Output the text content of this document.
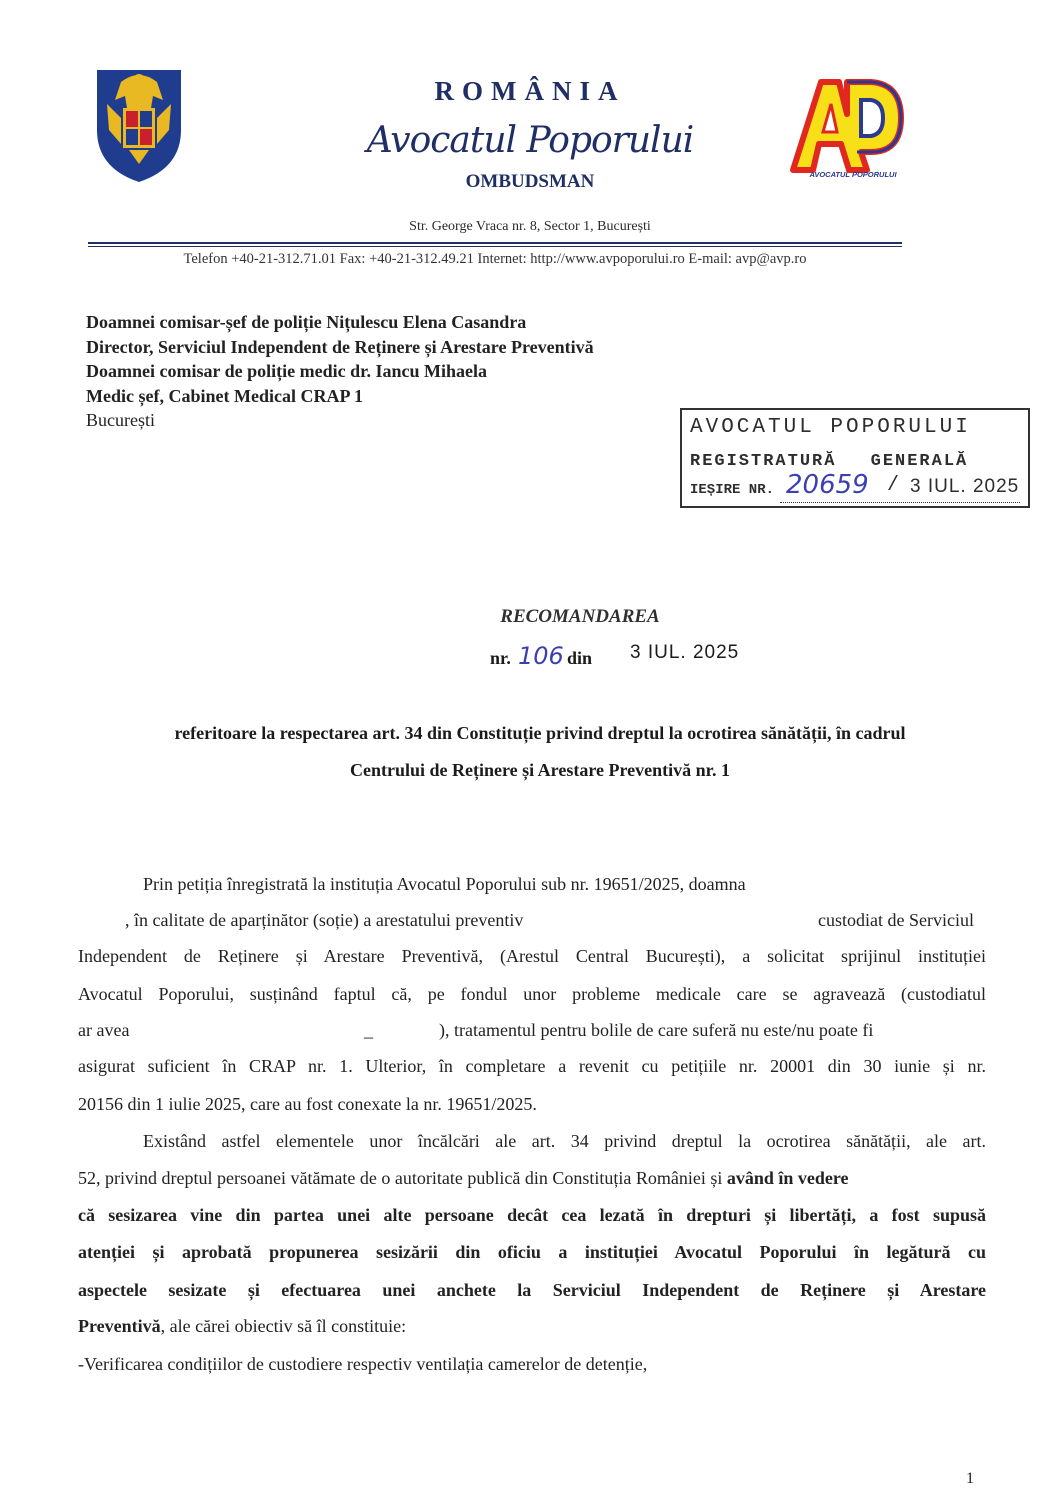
ROMÂNIA
Avocatul Poporului
OMBUDSMAN	AVOCATUL POPORULUI
Str. George Vraca nr. 8, Sector 1, București
Telefon +40-21-312.71.01 Fax: +40-21-312.49.21 Internet: http://www.avpoporului.ro E-mail: avp@avp.ro
Doamnei comisar-șef de poliție Nițulescu Elena Casandra
Director, Serviciul Independent de Reținere și Arestare Preventivă
Doamnei comisar de poliție medic dr. Iancu Mihaela
Medic șef, Cabinet Medical CRAP 1
București	AVOCATUL POPORULUI
REGISTRATURĂ GENERALĂ
IEȘIRE NR. 20659 / 3 IUL. 2025
RECOMANDAREA
nr. 106 din 3 IUL. 2025
referitoare la respectarea art. 34 din Constituție privind dreptul la ocrotirea sănătății, în cadrul
Centrului de Reținere și Arestare Preventivă nr. 1
Prin petiția înregistrată la instituția Avocatul Poporului sub nr. 19651/2025, doamna
, în calitate de aparținător (soție) a arestatului preventiv	custodiat de Serviciul
Independent de Reținere și Arestare Preventivă, (Arestul Central București), a solicitat sprijinul instituției
Avocatul Poporului, susținând faptul că, pe fondul unor probleme medicale care se agravează (custodiatul
ar avea	_	), tratamentul pentru bolile de care suferă nu este/nu poate fi
asigurat suficient în CRAP nr. 1. Ulterior, în completare a revenit cu petițiile nr. 20001 din 30 iunie și nr.
20156 din 1 iulie 2025, care au fost conexate la nr. 19651/2025.
Existând astfel elementele unor încălcări ale art. 34 privind dreptul la ocrotirea sănătății, ale art.
52, privind dreptul persoanei vătămate de o autoritate publică din Constituția României și având în vedere
că sesizarea vine din partea unei alte persoane decât cea lezată în drepturi și libertăți, a fost supusă
atenției și aprobată propunerea sesizării din oficiu a instituției Avocatul Poporului în legătură cu
aspectele sesizate și efectuarea unei anchete la Serviciul Independent de Reținere și Arestare
Preventivă, ale cărei obiectiv să îl constituie:
-Verificarea condițiilor de custodiere respectiv ventilația camerelor de detenție,
1
